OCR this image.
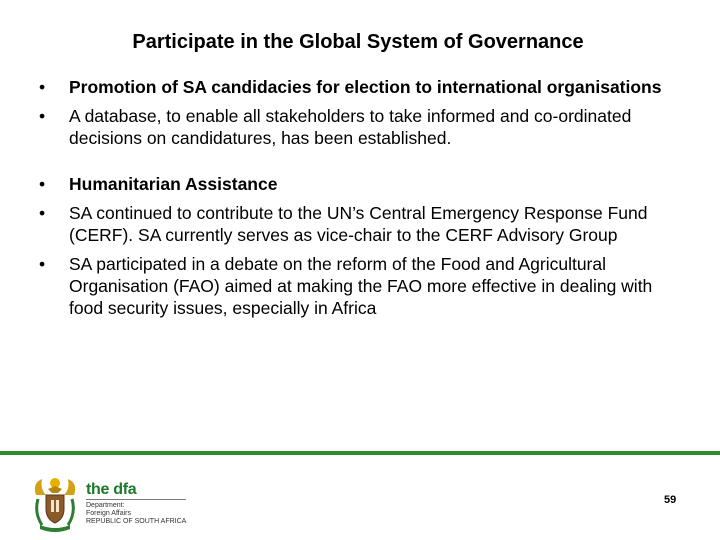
Participate in the Global System of Governance
• Promotion of SA candidacies for election to international organisations
• A database, to enable all stakeholders to take informed and co-ordinated decisions on candidatures, has been established.
• Humanitarian Assistance
• SA continued to contribute to the UN’s Central Emergency Response Fund (CERF). SA currently serves as vice-chair to the CERF Advisory Group
• SA participated in a debate on the reform of the Food and Agricultural Organisation (FAO) aimed at making the FAO more effective in dealing with food security issues, especially in Africa
the dfa
Department:
Foreign Affairs
REPUBLIC OF SOUTH AFRICA
59
